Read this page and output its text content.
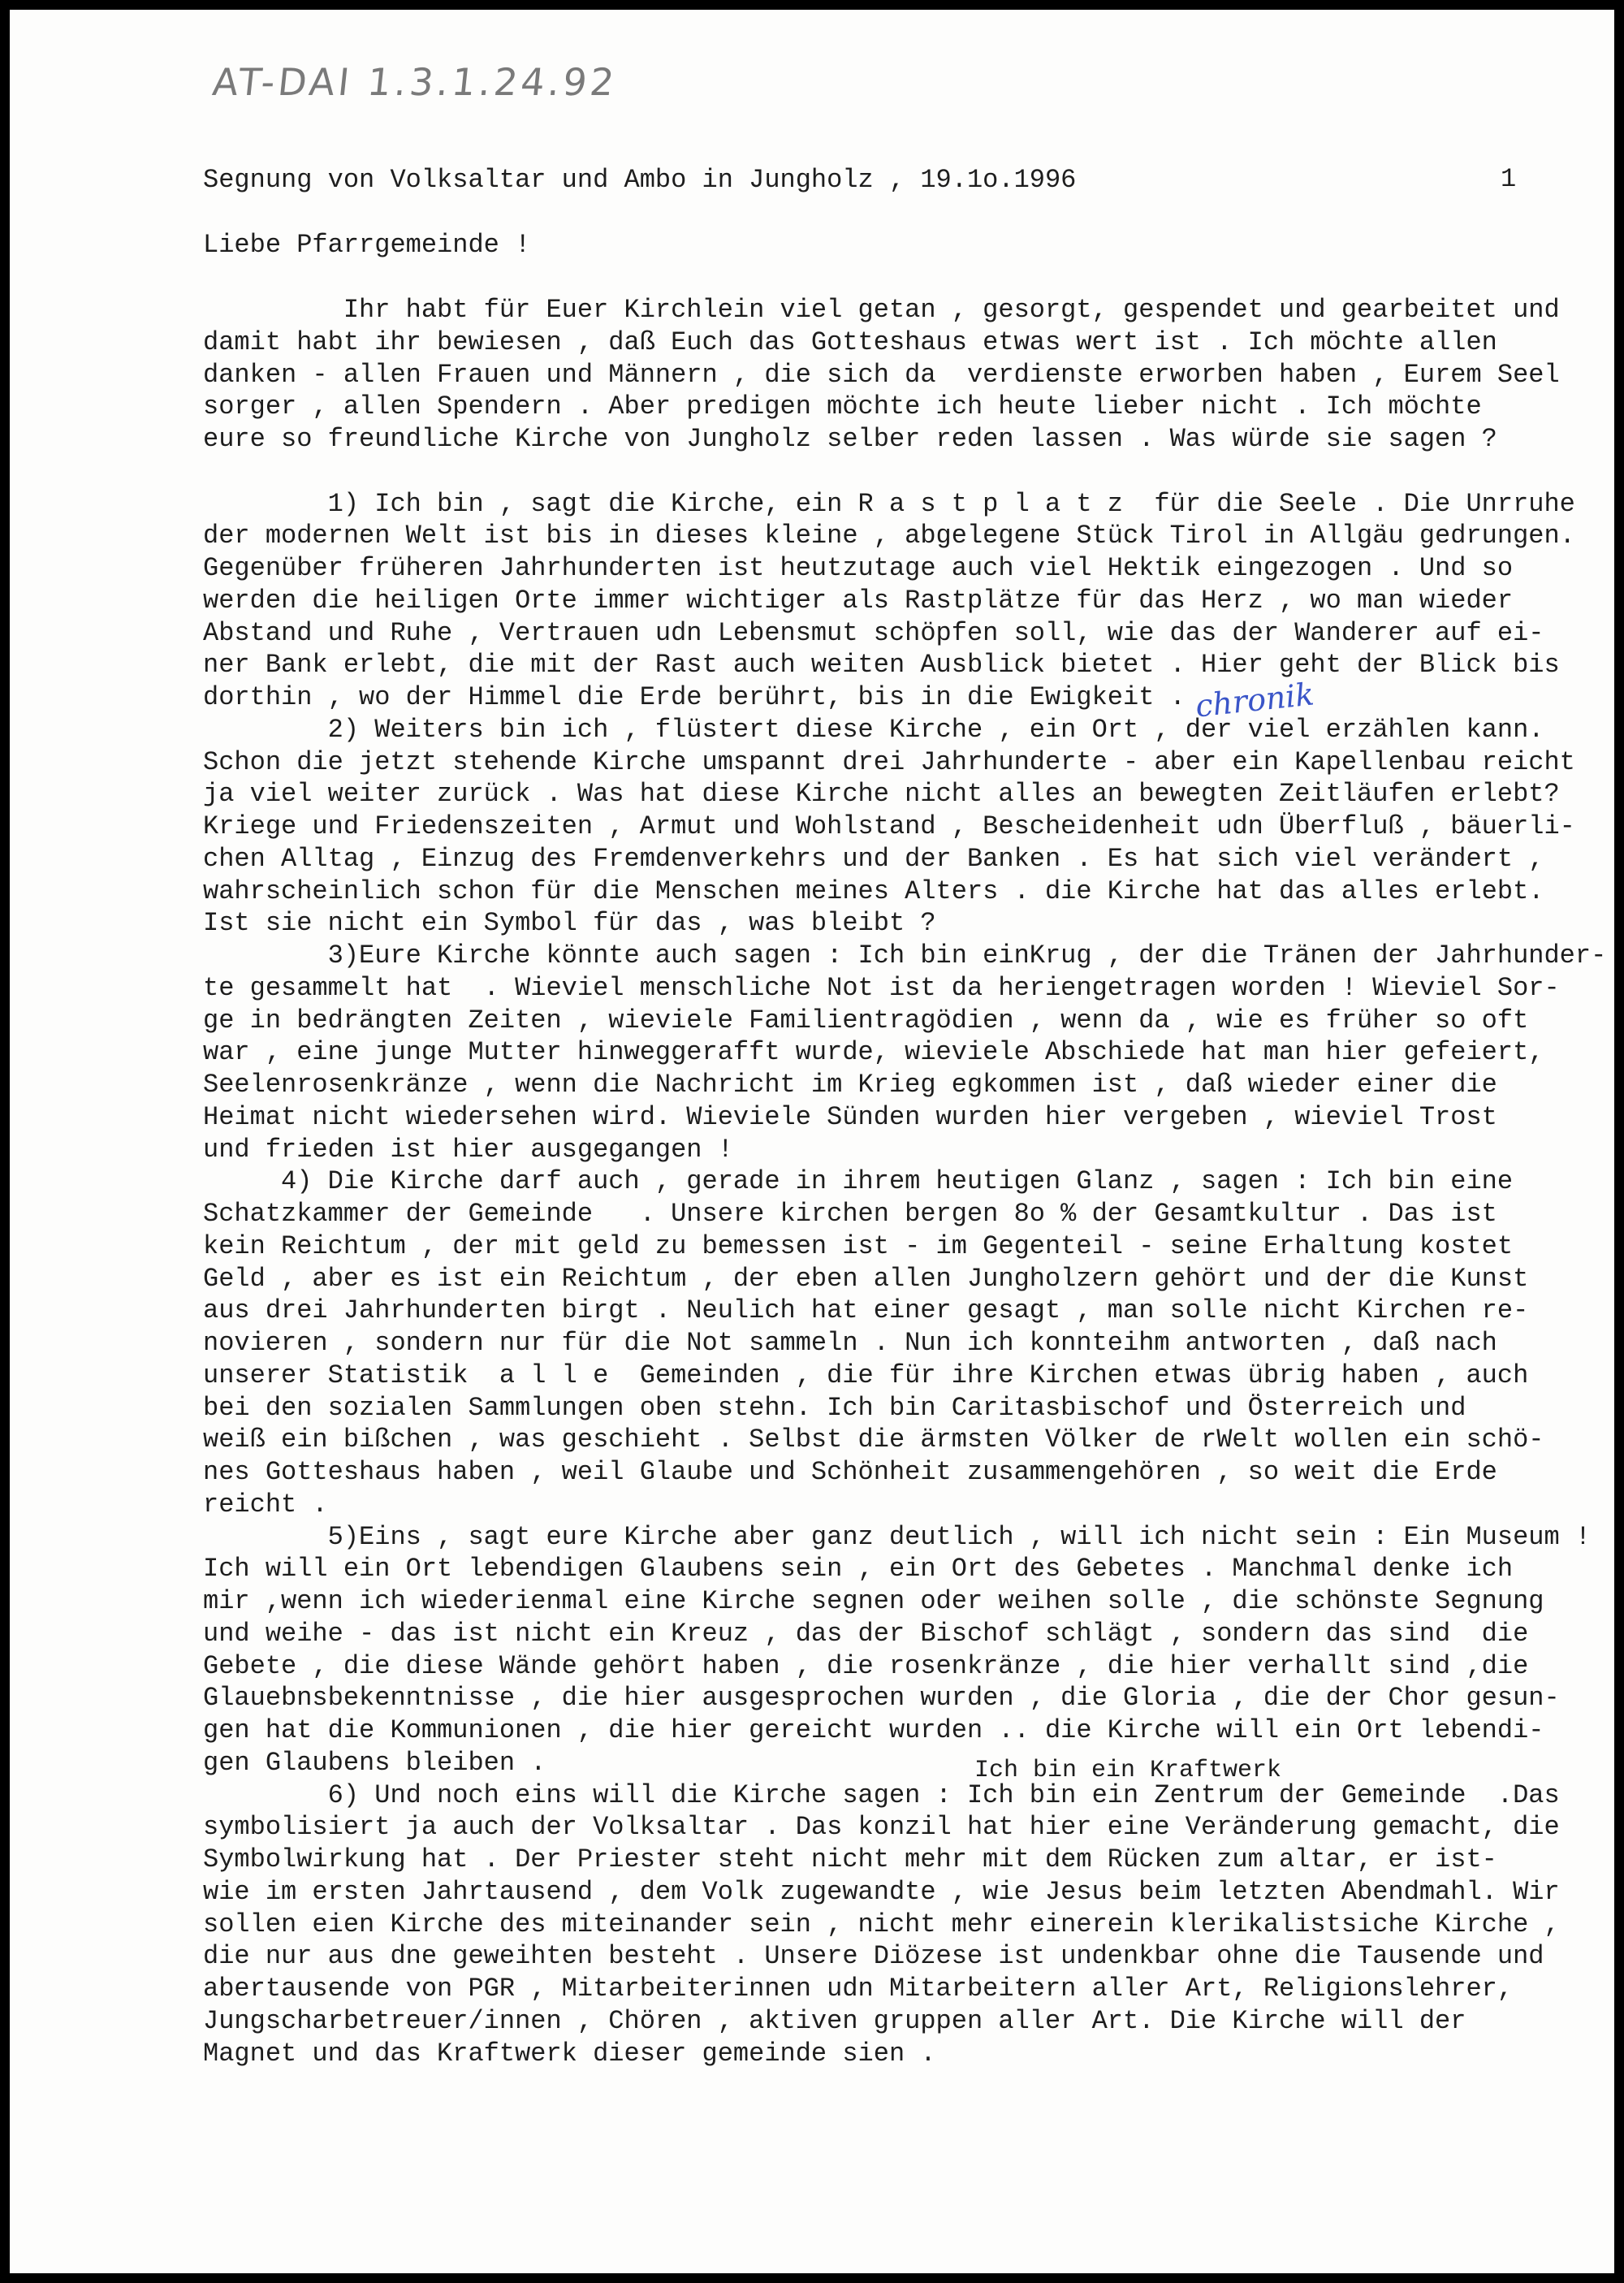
AT-DAI 1.3.1.24.92
Segnung von Volksaltar und Ambo in Jungholz , 19.1o.1996	1
Liebe Pfarrgemeinde !
Ihr habt für Euer Kirchlein viel getan , gesorgt, gespendet und gearbeitet und
damit habt ihr bewiesen , daß Euch das Gotteshaus etwas wert ist . Ich möchte allen
danken - allen Frauen und Männern , die sich da  verdienste erworben haben , Eurem Seel
sorger , allen Spendern . Aber predigen möchte ich heute lieber nicht . Ich möchte
eure so freundliche Kirche von Jungholz selber reden lassen . Was würde sie sagen ?
1) Ich bin , sagt die Kirche, ein R a s t p l a t z  für die Seele . Die Unrruhe
der modernen Welt ist bis in dieses kleine , abgelegene Stück Tirol in Allgäu gedrungen.
Gegenüber früheren Jahrhunderten ist heutzutage auch viel Hektik eingezogen . Und so
werden die heiligen Orte immer wichtiger als Rastplätze für das Herz , wo man wieder
Abstand und Ruhe , Vertrauen udn Lebensmut schöpfen soll, wie das der Wanderer auf ei-
ner Bank erlebt, die mit der Rast auch weiten Ausblick bietet . Hier geht der Blick bis
dorthin , wo der Himmel die Erde berührt, bis in die Ewigkeit .
2) Weiters bin ich , flüstert diese Kirche , ein Ort , der viel erzählen kann.
Schon die jetzt stehende Kirche umspannt drei Jahrhunderte - aber ein Kapellenbau reicht
ja viel weiter zurück . Was hat diese Kirche nicht alles an bewegten Zeitläufen erlebt?
Kriege und Friedenszeiten , Armut und Wohlstand , Bescheidenheit udn Überfluß , bäuerli-
chen Alltag , Einzug des Fremdenverkehrs und der Banken . Es hat sich viel verändert ,
wahrscheinlich schon für die Menschen meines Alters . die Kirche hat das alles erlebt.
Ist sie nicht ein Symbol für das , was bleibt ?
3)Eure Kirche könnte auch sagen : Ich bin einKrug , der die Tränen der Jahrhunder-
te gesammelt hat  . Wieviel menschliche Not ist da heriengetragen worden ! Wieviel Sor-
ge in bedrängten Zeiten , wieviele Familientragödien , wenn da , wie es früher so oft
war , eine junge Mutter hinweggerafft wurde, wieviele Abschiede hat man hier gefeiert,
Seelenrosenkränze , wenn die Nachricht im Krieg egkommen ist , daß wieder einer die
Heimat nicht wiedersehen wird. Wieviele Sünden wurden hier vergeben , wieviel Trost
und frieden ist hier ausgegangen !
4) Die Kirche darf auch , gerade in ihrem heutigen Glanz , sagen : Ich bin eine
Schatzkammer der Gemeinde   . Unsere kirchen bergen 8o % der Gesamtkultur . Das ist
kein Reichtum , der mit geld zu bemessen ist - im Gegenteil - seine Erhaltung kostet
Geld , aber es ist ein Reichtum , der eben allen Jungholzern gehört und der die Kunst
aus drei Jahrhunderten birgt . Neulich hat einer gesagt , man solle nicht Kirchen re-
novieren , sondern nur für die Not sammeln . Nun ich konnteihm antworten , daß nach
unserer Statistik  a l l e  Gemeinden , die für ihre Kirchen etwas übrig haben , auch
bei den sozialen Sammlungen oben stehn. Ich bin Caritasbischof und Österreich und
weiß ein bißchen , was geschieht . Selbst die ärmsten Völker de rWelt wollen ein schö-
nes Gotteshaus haben , weil Glaube und Schönheit zusammengehören , so weit die Erde
reicht .
5)Eins , sagt eure Kirche aber ganz deutlich , will ich nicht sein : Ein Museum !
Ich will ein Ort lebendigen Glaubens sein , ein Ort des Gebetes . Manchmal denke ich
mir ,wenn ich wiederienmal eine Kirche segnen oder weihen solle , die schönste Segnung
und weihe - das ist nicht ein Kreuz , das der Bischof schlägt , sondern das sind  die
Gebete , die diese Wände gehört haben , die rosenkränze , die hier verhallt sind ,die
Glauebnsbekenntnisse , die hier ausgesprochen wurden , die Gloria , die der Chor gesun-
gen hat die Kommunionen , die hier gereicht wurden .. die Kirche will ein Ort lebendi-
gen Glaubens bleiben .
6) Und noch eins will die Kirche sagen : Ich bin ein Zentrum der Gemeinde  .Das
symbolisiert ja auch der Volksaltar . Das konzil hat hier eine Veränderung gemacht, die
Symbolwirkung hat . Der Priester steht nicht mehr mit dem Rücken zum altar, er ist-
wie im ersten Jahrtausend , dem Volk zugewandte , wie Jesus beim letzten Abendmahl. Wir
sollen eien Kirche des miteinander sein , nicht mehr einerein klerikalistsiche Kirche ,
die nur aus dne geweihten besteht . Unsere Diözese ist undenkbar ohne die Tausende und
abertausende von PGR , Mitarbeiterinnen udn Mitarbeitern aller Art, Religionslehrer,
Jungscharbetreuer/innen , Chören , aktiven gruppen aller Art. Die Kirche will der
Magnet und das Kraftwerk dieser gemeinde sien .
chronik
Ich bin ein Kraftwerk
